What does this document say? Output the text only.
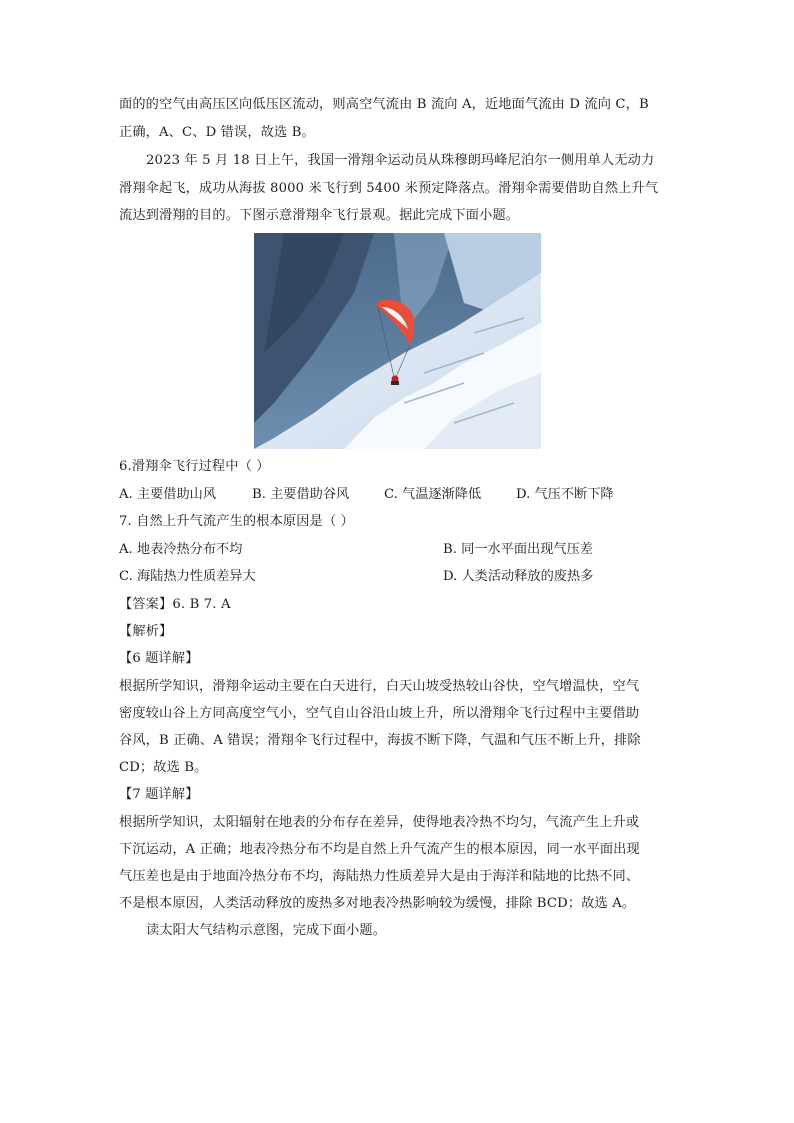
面的的空气由高压区向低压区流动，则高空气流由 B 流向 A，近地面气流由 D 流向 C，B
正确，A、C、D 错误，故选 B。
2023 年 5 月 18 日上午，我国一滑翔伞运动员从珠穆朗玛峰尼泊尔一侧用单人无动力
滑翔伞起飞，成功从海拔 8000 米飞行到 5400 米预定降落点。滑翔伞需要借助自然上升气
流达到滑翔的目的。下图示意滑翔伞飞行景观。据此完成下面小题。
6.滑翔伞飞行过程中（ ）
A. 主要借助山风	B. 主要借助谷风	C. 气温逐渐降低	D. 气压不断下降
7. 自然上升气流产生的根本原因是（ ）
A. 地表冷热分布不均	B. 同一水平面出现气压差
C. 海陆热力性质差异大	D. 人类活动释放的废热多
【答案】6. B 7. A
【解析】
【6 题详解】
根据所学知识，滑翔伞运动主要在白天进行，白天山坡受热较山谷快，空气增温快，空气
密度较山谷上方同高度空气小，空气自山谷沿山坡上升，所以滑翔伞飞行过程中主要借助
谷风，B 正确、A 错误；滑翔伞飞行过程中，海拔不断下降，气温和气压不断上升，排除
CD；故选 B。
【7 题详解】
根据所学知识，太阳辐射在地表的分布存在差异，使得地表冷热不均匀，气流产生上升或
下沉运动，A 正确；地表冷热分布不均是自然上升气流产生的根本原因，同一水平面出现
气压差也是由于地面冷热分布不均，海陆热力性质差异大是由于海洋和陆地的比热不同、
不是根本原因，人类活动释放的废热多对地表冷热影响较为缓慢，排除 BCD；故选 A。
读太阳大气结构示意图，完成下面小题。
